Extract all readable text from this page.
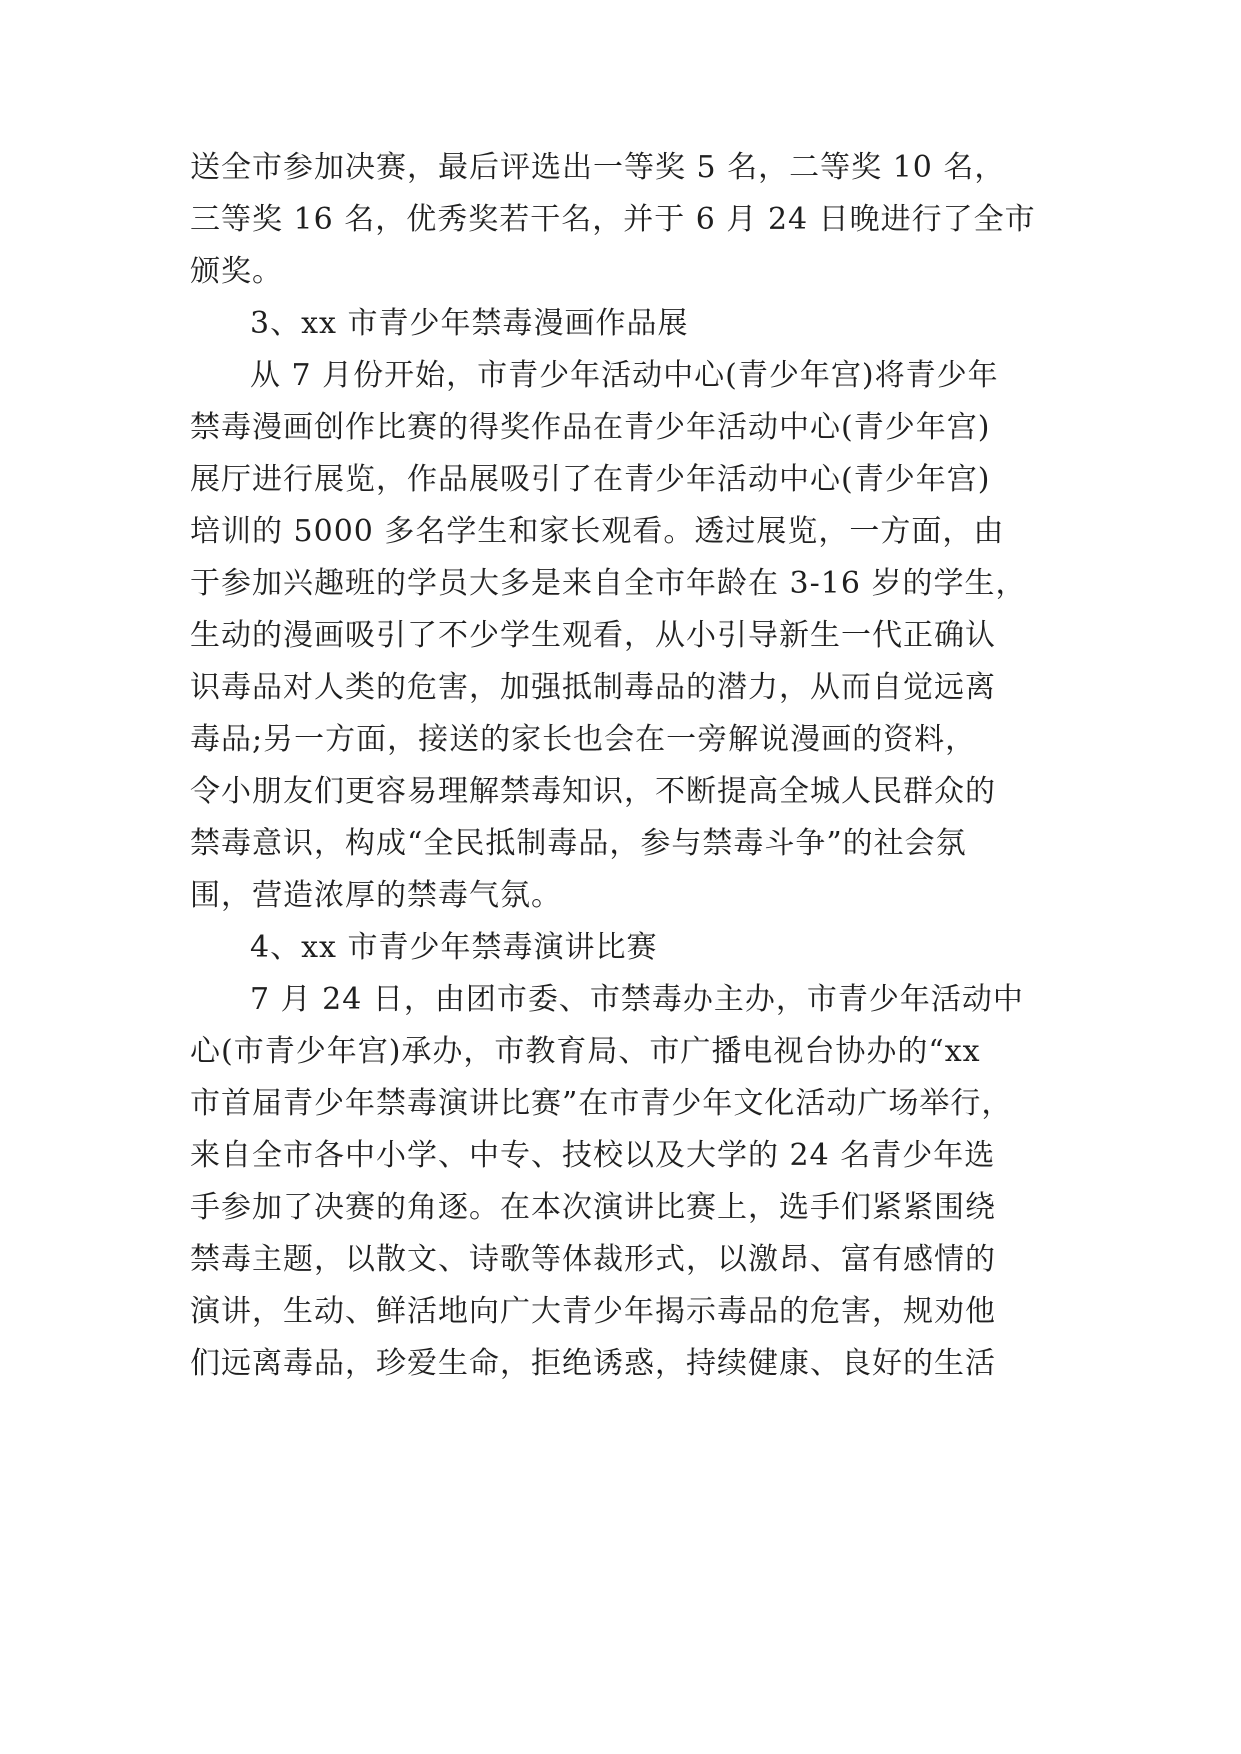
送全市参加决赛，最后评选出一等奖 5 名，二等奖 10 名，
三等奖 16 名，优秀奖若干名，并于 6 月 24 日晚进行了全市
颁奖。
3、xx 市青少年禁毒漫画作品展
从 7 月份开始，市青少年活动中心(青少年宫)将青少年
禁毒漫画创作比赛的得奖作品在青少年活动中心(青少年宫)
展厅进行展览，作品展吸引了在青少年活动中心(青少年宫)
培训的 5000 多名学生和家长观看。透过展览，一方面，由
于参加兴趣班的学员大多是来自全市年龄在 3-16 岁的学生，
生动的漫画吸引了不少学生观看，从小引导新生一代正确认
识毒品对人类的危害，加强抵制毒品的潜力，从而自觉远离
毒品;另一方面，接送的家长也会在一旁解说漫画的资料，
令小朋友们更容易理解禁毒知识，不断提高全城人民群众的
禁毒意识，构成“全民抵制毒品，参与禁毒斗争”的社会氛
围，营造浓厚的禁毒气氛。
4、xx 市青少年禁毒演讲比赛
7 月 24 日，由团市委、市禁毒办主办，市青少年活动中
心(市青少年宫)承办，市教育局、市广播电视台协办的“xx
市首届青少年禁毒演讲比赛”在市青少年文化活动广场举行，
来自全市各中小学、中专、技校以及大学的 24 名青少年选
手参加了决赛的角逐。在本次演讲比赛上，选手们紧紧围绕
禁毒主题，以散文、诗歌等体裁形式，以激昂、富有感情的
演讲，生动、鲜活地向广大青少年揭示毒品的危害，规劝他
们远离毒品，珍爱生命，拒绝诱惑，持续健康、良好的生活
